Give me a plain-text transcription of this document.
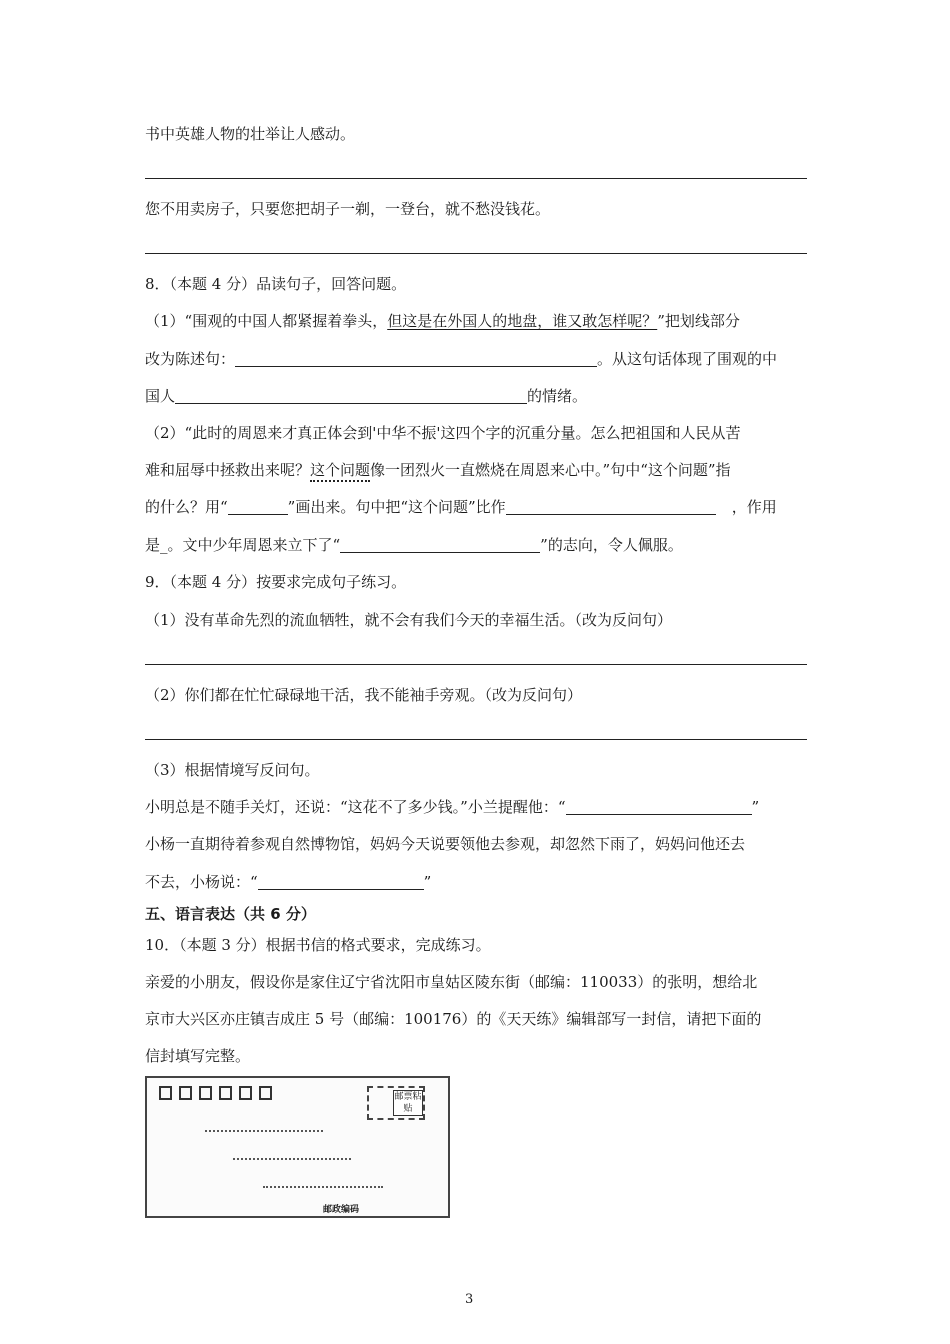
书中英雄人物的壮举让人感动。
您不用卖房子，只要您把胡子一剃，一登台，就不愁没钱花。
8．（本题 4 分）品读句子，回答问题。
（1）“围观的中国人都紧握着拳头，但这是在外国人的地盘，谁又敢怎样呢？”把划线部分
改为陈述句：	。从这句话体现了围观的中
国人	的情绪。
（2）“此时的周恩来才真正体会到'中华不振'这四个字的沉重分量。怎么把祖国和人民从苦
难和屈辱中拯救出来呢？这个问题像一团烈火一直燃烧在周恩来心中。”句中“这个问题”指
的什么？用“	”画出来。句中把“这个问题”比作	，作用
是_。文中少年周恩来立下了“	”的志向，令人佩服。
9．（本题 4 分）按要求完成句子练习。
（1）没有革命先烈的流血牺牲，就不会有我们今天的幸福生活。（改为反问句）
（2）你们都在忙忙碌碌地干活，我不能袖手旁观。（改为反问句）
（3）根据情境写反问句。
小明总是不随手关灯，还说：“这花不了多少钱。”小兰提醒他：“	”
小杨一直期待着参观自然博物馆，妈妈今天说要领他去参观，却忽然下雨了，妈妈问他还去
不去，小杨说：“	”
五、语言表达（共 6 分）
10．（本题 3 分）根据书信的格式要求，完成练习。
亲爱的小朋友，假设你是家住辽宁省沈阳市皇姑区陵东街（邮编：110033）的张明，想给北
京市大兴区亦庄镇吉成庄 5 号（邮编：100176）的《天天练》编辑部写一封信，请把下面的
信封填写完整。
邮票粘贴
邮政编码
3
